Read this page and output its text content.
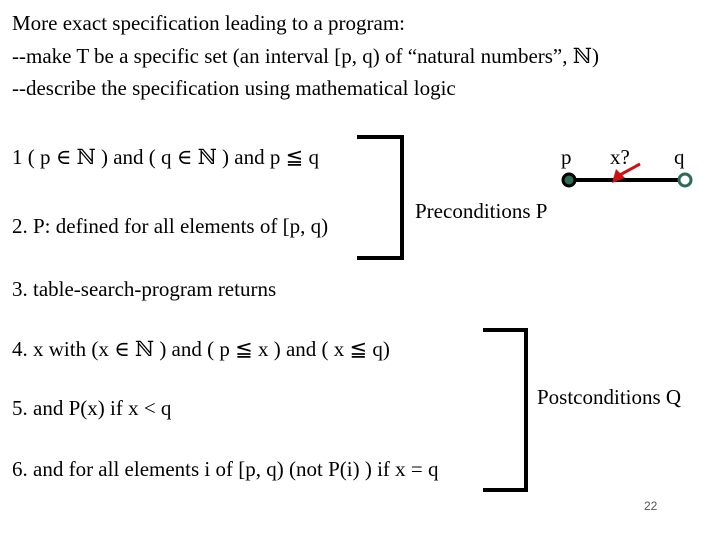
More exact specification leading to a program:
--make T be a specific set (an interval [p, q) of “natural numbers”, ℕ)
--describe the specification using mathematical logic
1 ( p ∈ ℕ ) and ( q ∈ ℕ ) and p ≦ q
2. P: defined for all elements of [p, q)
Preconditions P
p x? q
3. table-search-program returns
4. x with (x ∈ ℕ ) and ( p ≦ x ) and ( x ≦ q)
5. and P(x) if x < q
6. and for all elements i of [p, q) (not P(i) ) if x = q
Postconditions Q
22
